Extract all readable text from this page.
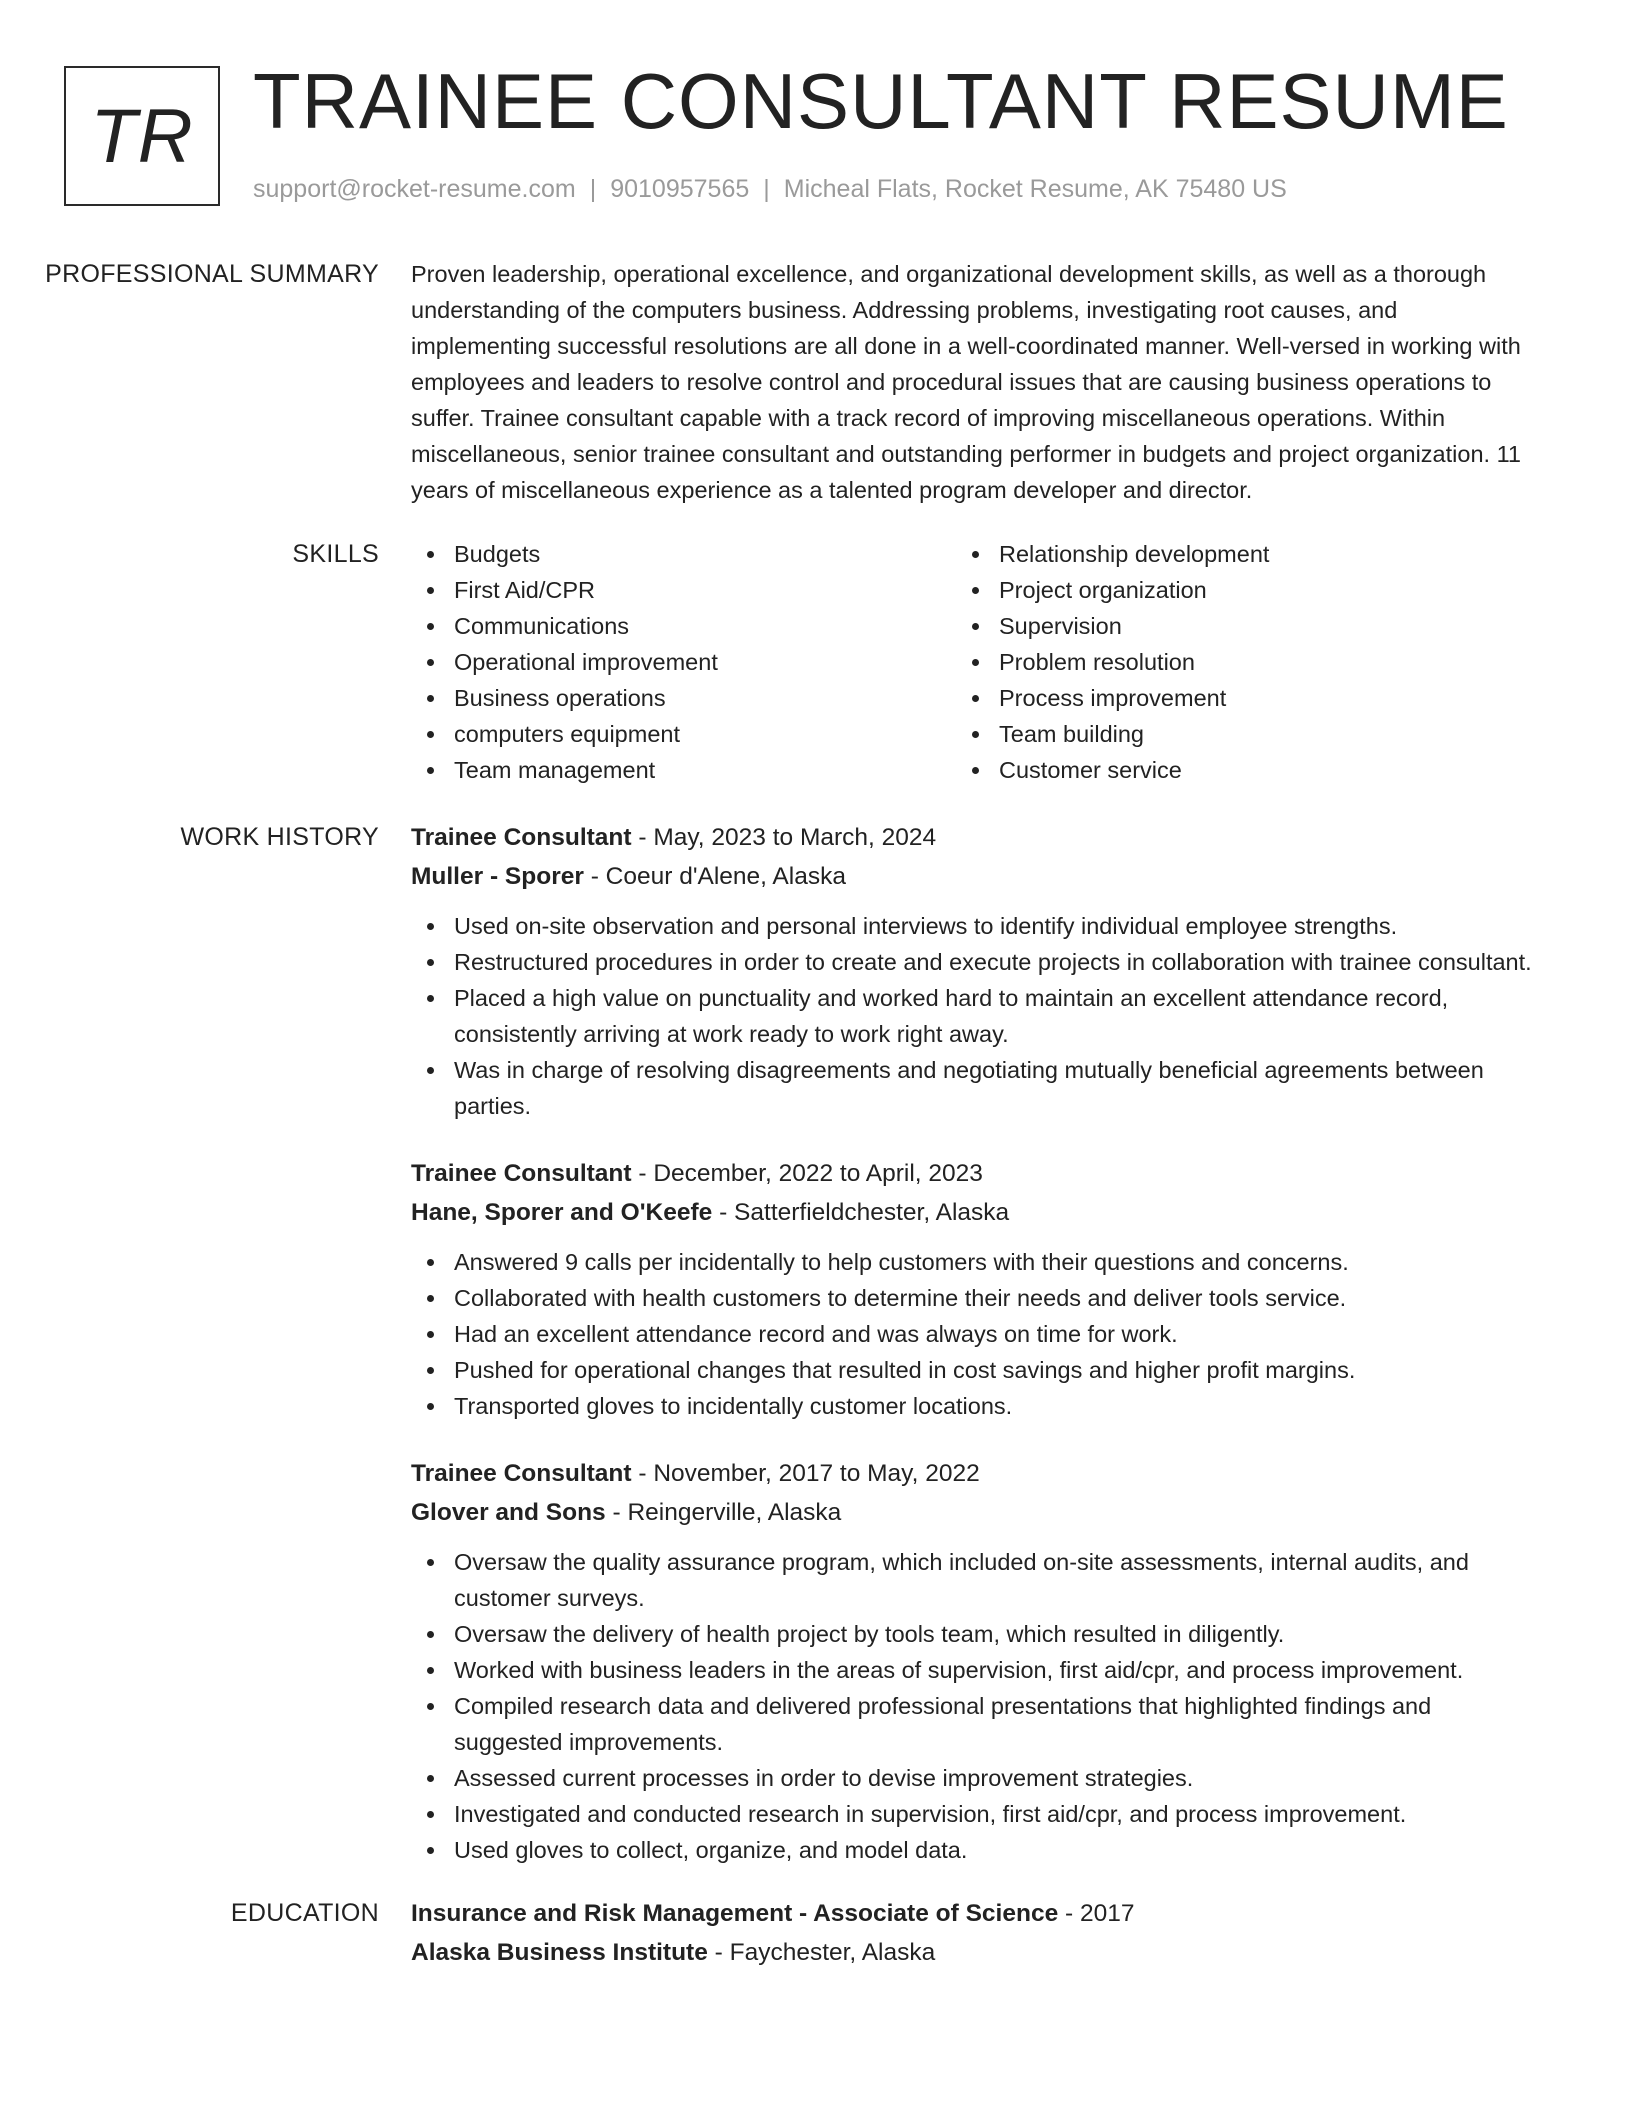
TR TRAINEE CONSULTANT RESUME
support@rocket-resume.com | 9010957565 | Micheal Flats, Rocket Resume, AK 75480 US
PROFESSIONAL SUMMARY	Proven leadership, operational excellence, and organizational development skills, as well as a thorough understanding of the computers business. Addressing problems, investigating root causes, and implementing successful resolutions are all done in a well-coordinated manner. Well-versed in working with employees and leaders to resolve control and procedural issues that are causing business operations to suffer. Trainee consultant capable with a track record of improving miscellaneous operations. Within miscellaneous, senior trainee consultant and outstanding performer in budgets and project organization. 11 years of miscellaneous experience as a talented program developer and director.

SKILLS	Budgets
First Aid/CPR
Communications
Operational improvement
Business operations
computers equipment
Team management
Relationship development
Project organization
Supervision
Problem resolution
Process improvement
Team building
Customer service
WORK HISTORY	Trainee Consultant - May, 2023 to March, 2024
Muller - Sporer - Coeur d'Alene, Alaska
Used on-site observation and personal interviews to identify individual employee strengths.
Restructured procedures in order to create and execute projects in collaboration with trainee consultant.
Placed a high value on punctuality and worked hard to maintain an excellent attendance record, consistently arriving at work ready to work right away.
Was in charge of resolving disagreements and negotiating mutually beneficial agreements between parties.
Trainee Consultant - December, 2022 to April, 2023
Hane, Sporer and O'Keefe - Satterfieldchester, Alaska
Answered 9 calls per incidentally to help customers with their questions and concerns.
Collaborated with health customers to determine their needs and deliver tools service.
Had an excellent attendance record and was always on time for work.
Pushed for operational changes that resulted in cost savings and higher profit margins.
Transported gloves to incidentally customer locations.
Trainee Consultant - November, 2017 to May, 2022
Glover and Sons - Reingerville, Alaska
Oversaw the quality assurance program, which included on-site assessments, internal audits, and customer surveys.
Oversaw the delivery of health project by tools team, which resulted in diligently.
Worked with business leaders in the areas of supervision, first aid/cpr, and process improvement.
Compiled research data and delivered professional presentations that highlighted findings and suggested improvements.
Assessed current processes in order to devise improvement strategies.
Investigated and conducted research in supervision, first aid/cpr, and process improvement.
Used gloves to collect, organize, and model data.
EDUCATION	Insurance and Risk Management - Associate of Science - 2017
Alaska Business Institute - Faychester, Alaska
